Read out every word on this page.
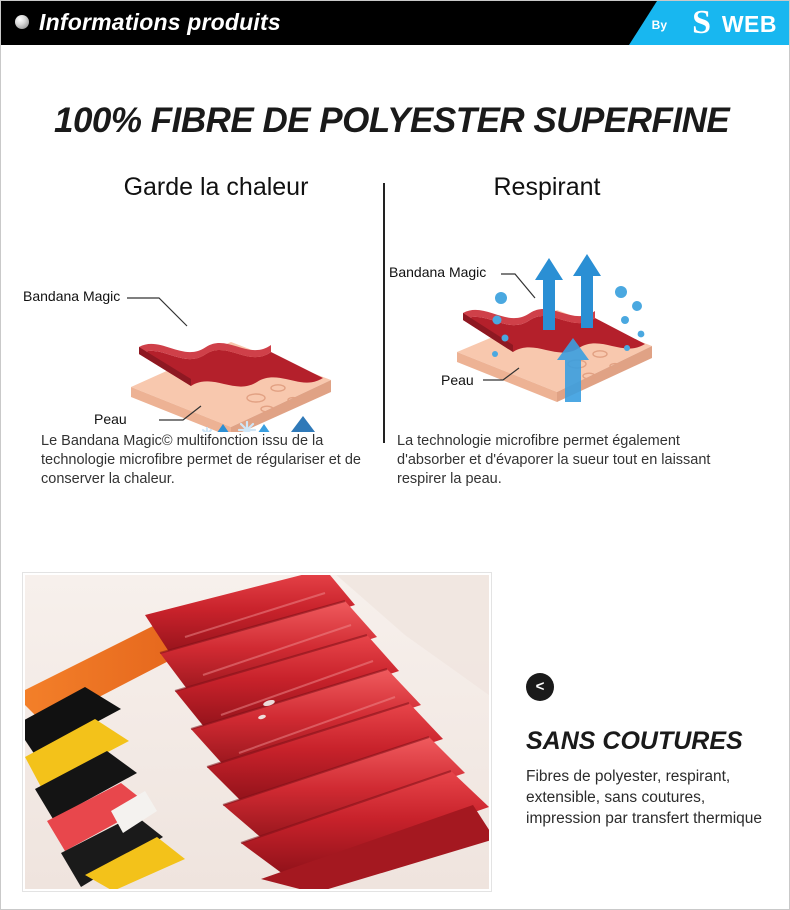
Informations produits	By S WEB
100% FIBRE DE POLYESTER SUPERFINE
Garde la chaleur
Bandana Magic
Peau
Le Bandana Magic© multifonction issu de la technologie microfibre permet de régulariser et de conserver la chaleur.
Respirant
Bandana Magic
Peau
La technologie microfibre permet également d'absorber et d'évaporer la sueur tout en laissant respirer la peau.
<
SANS COUTURES
Fibres de polyester, respirant, extensible, sans coutures, impression par transfert thermique
